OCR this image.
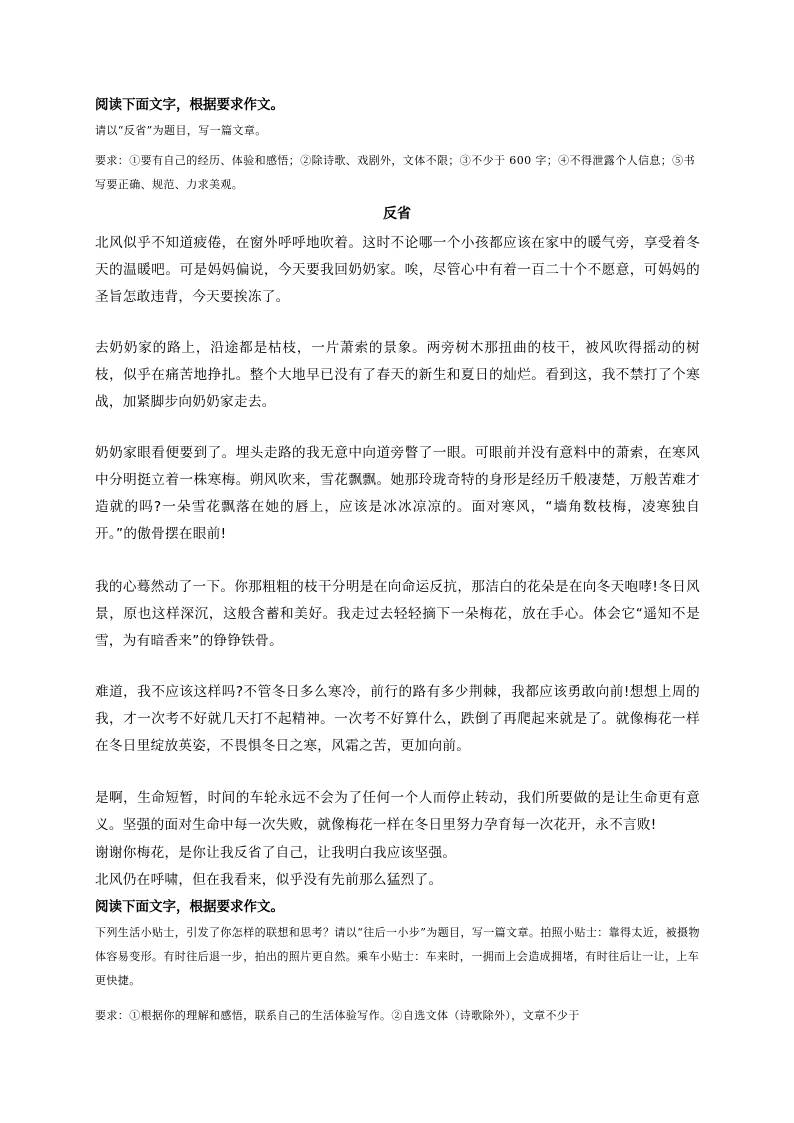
阅读下面文字，根据要求作文。
请以“反省”为题目，写一篇文章。
要求：①要有自己的经历、体验和感悟；②除诗歌、戏剧外，文体不限；③不少于 600 字；④不得泄露个人信息；⑤书写要正确、规范、力求美观。
反省
北风似乎不知道疲倦，在窗外呼呼地吹着。这时不论哪一个小孩都应该在家中的暖气旁，享受着冬天的温暖吧。可是妈妈偏说，今天要我回奶奶家。唉，尽管心中有着一百二十个不愿意，可妈妈的圣旨怎敢违背，今天要挨冻了。
去奶奶家的路上，沿途都是枯枝，一片萧索的景象。两旁树木那扭曲的枝干，被风吹得摇动的树枝，似乎在痛苦地挣扎。整个大地早已没有了春天的新生和夏日的灿烂。看到这，我不禁打了个寒战，加紧脚步向奶奶家走去。
奶奶家眼看便要到了。埋头走路的我无意中向道旁瞥了一眼。可眼前并没有意料中的萧索，在寒风中分明挺立着一株寒梅。朔风吹来，雪花飘飘。她那玲珑奇特的身形是经历千般凄楚，万般苦难才造就的吗?一朵雪花飘落在她的唇上，应该是冰冰凉凉的。面对寒风，“墙角数枝梅，凌寒独自开。”的傲骨摆在眼前!
我的心蓦然动了一下。你那粗粗的枝干分明是在向命运反抗，那洁白的花朵是在向冬天咆哮!冬日风景，原也这样深沉，这般含蓄和美好。我走过去轻轻摘下一朵梅花，放在手心。体会它“遥知不是雪，为有暗香来”的铮铮铁骨。
难道，我不应该这样吗?不管冬日多么寒冷，前行的路有多少荆棘，我都应该勇敢向前!想想上周的我，才一次考不好就几天打不起精神。一次考不好算什么，跌倒了再爬起来就是了。就像梅花一样在冬日里绽放英姿，不畏惧冬日之寒，风霜之苦，更加向前。
是啊，生命短暂，时间的车轮永远不会为了任何一个人而停止转动，我们所要做的是让生命更有意义。坚强的面对生命中每一次失败，就像梅花一样在冬日里努力孕育每一次花开，永不言败!
谢谢你梅花，是你让我反省了自己，让我明白我应该坚强。
北风仍在呼啸，但在我看来，似乎没有先前那么猛烈了。
阅读下面文字，根据要求作文。
下列生活小贴士，引发了你怎样的联想和思考？请以“往后一小步”为题目，写一篇文章。拍照小贴士：靠得太近，被摄物体容易变形。有时往后退一步，拍出的照片更自然。乘车小贴士：车来时，一拥而上会造成拥堵，有时往后让一让，上车更快捷。
要求：①根据你的理解和感悟，联系自己的生活体验写作。②自选文体（诗歌除外），文章不少于
